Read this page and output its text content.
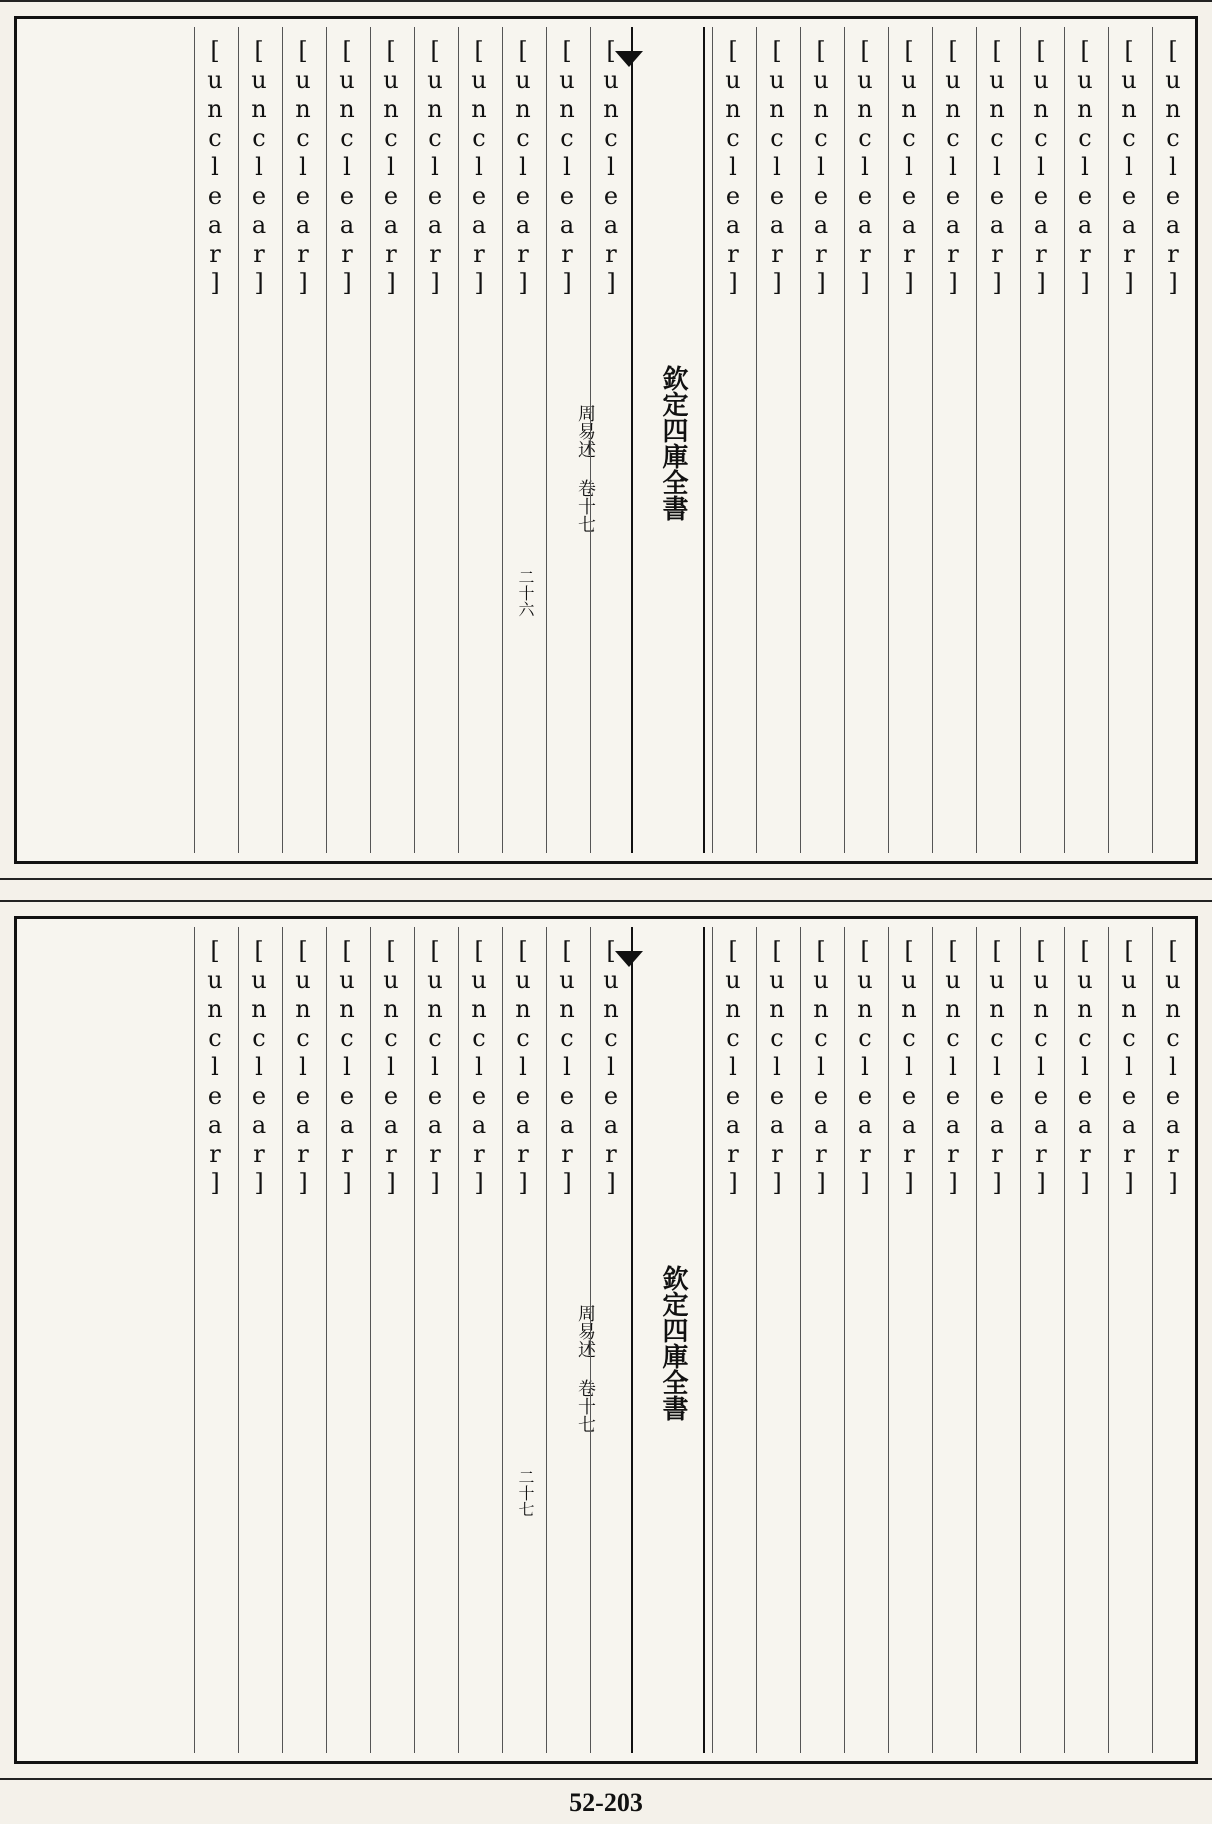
[unclear]
[unclear]
[unclear]
[unclear]
[unclear]
[unclear]
[unclear]
[unclear]
[unclear]
[unclear]
[unclear]
欽定四庫全書
周易述 卷十七
二十六
[unclear]
[unclear]
[unclear]
[unclear]
[unclear]
[unclear]
[unclear]
[unclear]
[unclear]
[unclear]
[unclear]
[unclear]
[unclear]
[unclear]
[unclear]
[unclear]
[unclear]
[unclear]
[unclear]
[unclear]
[unclear]
欽定四庫全書
周易述 卷十七
二十七
[unclear]
[unclear]
[unclear]
[unclear]
[unclear]
[unclear]
[unclear]
[unclear]
[unclear]
[unclear]
52-203
